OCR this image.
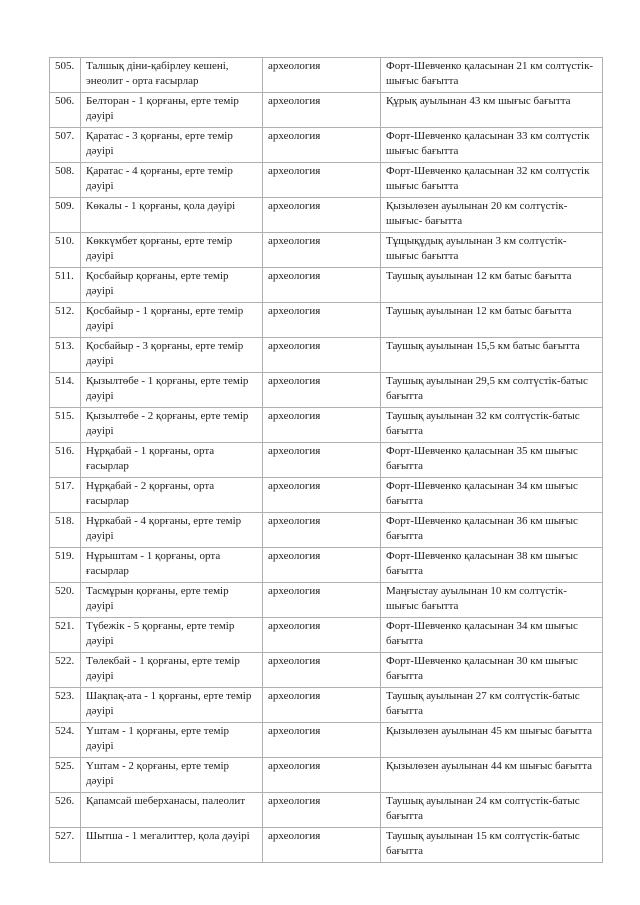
505.	Талшық діни-қабірлеу кешені, энеолит - орта ғасырлар	археология	Форт-Шевченко қаласынан 21 км солтүстік-шығыс бағытта
506.	Белторан - 1 қорғаны, ерте темір дәуірі	археология	Құрық ауылынан 43 км шығыс бағытта
507.	Қаратас - 3 қорғаны, ерте темір дәуірі	археология	Форт-Шевченко қаласынан 33 км солтүстік шығыс бағытта
508.	Қаратас - 4 қорғаны, ерте темір дәуірі	археология	Форт-Шевченко қаласынан 32 км солтүстік шығыс бағытта
509.	Көкалы - 1 қорғаны, қола дәуірі	археология	Қызылөзен ауылынан 20 км солтүстік-шығыс- бағытта
510.	Көккүмбет қорғаны, ерте темір дәуірі	археология	Тұщықұдық ауылынан 3 км солтүстік-шығыс бағытта
511.	Қосбайыр қорғаны, ерте темір дәуірі	археология	Таушық ауылынан 12 км батыс бағытта
512.	Қосбайыр - 1 қорғаны, ерте темір дәуірі	археология	Таушық ауылынан 12 км батыс бағытта
513.	Қосбайыр - 3 қорғаны, ерте темір дәуірі	археология	Таушық ауылынан 15,5 км батыс бағытта
514.	Қызылтөбе - 1 қорғаны, ерте темір дәуірі	археология	Таушық ауылынан 29,5 км солтүстік-батыс бағытта
515.	Қызылтөбе - 2 қорғаны, ерте темір дәуірі	археология	Таушық ауылынан 32 км солтүстік-батыс бағытта
516.	Нұрқабай - 1 қорғаны, орта ғасырлар	археология	Форт-Шевченко қаласынан 35 км шығыс бағытта
517.	Нұрқабай - 2 қорғаны, орта ғасырлар	археология	Форт-Шевченко қаласынан 34 км шығыс бағытта
518.	Нұркабай - 4 қорғаны, ерте темір дәуірі	археология	Форт-Шевченко қаласынан 36 км шығыс бағытта
519.	Нұрыштам - 1 қорғаны, орта ғасырлар	археология	Форт-Шевченко қаласынан 38 км шығыс бағытта
520.	Тасмұрын қорғаны, ерте темір дәуірі	археология	Маңғыстау ауылынан 10 км солтүстік-шығыс бағытта
521.	Түбежік - 5 қорғаны, ерте темір дәуірі	археология	Форт-Шевченко қаласынан 34 км шығыс бағытта
522.	Төлекбай - 1 қорғаны, ерте темір дәуірі	археология	Форт-Шевченко қаласынан 30 км шығыс бағытта
523.	Шақпақ-ата - 1 қорғаны, ерте темір дәуірі	археология	Таушық ауылынан 27 км солтүстік-батыс бағытта
524.	Үштам - 1 қорғаны, ерте темір дәуірі	археология	Қызылөзен ауылынан 45 км шығыс бағытта
525.	Үштам - 2 қорғаны, ерте темір дәуірі	археология	Қызылөзен ауылынан 44 км шығыс бағытта
526.	Қапамсай шеберханасы, палеолит	археология	Таушық ауылынан 24 км солтүстік-батыс бағытта
527.	Шытша - 1 мегалиттер, қола дәуірі	археология	Таушық ауылынан 15 км солтүстік-батыс бағытта
